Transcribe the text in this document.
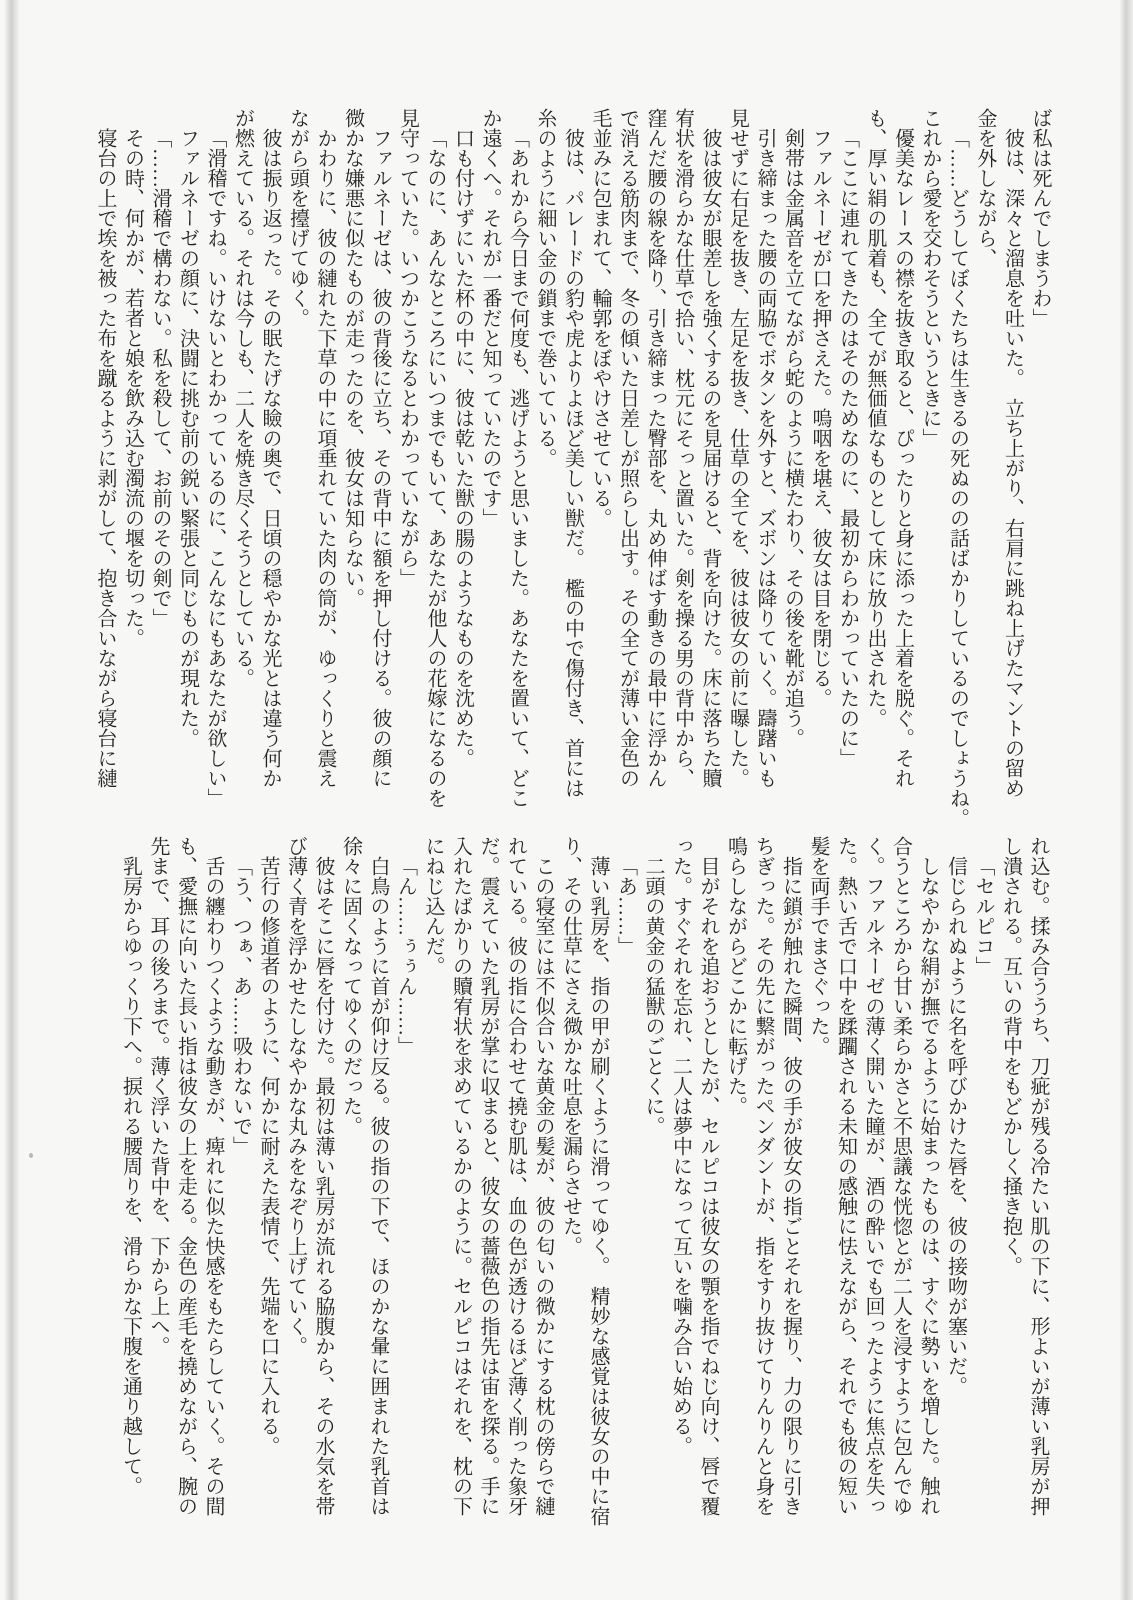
ば私は死んでしまうわ」

彼は、深々と溜息を吐いた。　立ち上がり、右肩に跳ね上げたマントの留め

金を外しながら、

「……どうしてぼくたちは生きるの死ぬのの話ばかりしているのでしょうね。

これから愛を交わそうというときに」

優美なレースの襟を抜き取ると、ぴったりと身に添った上着を脱ぐ。それ

も、厚い絹の肌着も、全てが無価値なものとして床に放り出された。

「ここに連れてきたのはそのためなのに、最初からわかっていたのに」

ファルネーゼが口を押さえた。嗚咽を堪え、彼女は目を閉じる。

剣帯は金属音を立てながら蛇のように横たわり、その後を靴が追う。

引き締まった腰の両脇でボタンを外すと、ズボンは降りていく。躊躇いも

見せずに右足を抜き、左足を抜き、仕草の全てを、彼は彼女の前に曝した。

彼は彼女が眼差しを強くするのを見届けると、背を向けた。床に落ちた贖

宥状を滑らかな仕草で拾い、枕元にそっと置いた。剣を操る男の背中から、

窪んだ腰の線を降り、引き締まった臀部を、丸め伸ばす動きの最中に浮かん

で消える筋肉まで、冬の傾いた日差しが照らし出す。その全てが薄い金色の

毛並みに包まれて、輪郭をぼやけさせている。

彼は、パレードの豹や虎よりよほど美しい獣だ。　檻の中で傷付き、首には

糸のように細い金の鎖まで巻いている。

「あれから今日まで何度も、逃げようと思いました。あなたを置いて、どこ

か遠くへ。それが一番だと知っていたのです」

口も付けずにいた杯の中に、彼は乾いた獣の腸のようなものを沈めた。

「なのに、あんなところにいつまでもいて、あなたが他人の花嫁になるのを

見守っていた。いつかこうなるとわかっていながら」

ファルネーゼは、彼の背後に立ち、その背中に額を押し付ける。彼の顔に

微かな嫌悪に似たものが走ったのを、彼女は知らない。

かわりに、彼の縺れた下草の中に項垂れていた肉の筒が、ゆっくりと震え

ながら頭を擡げてゆく。

彼は振り返った。その眠たげな瞼の奥で、日頃の穏やかな光とは違う何か

が燃えている。それは今しも、二人を焼き尽くそうとしている。

「滑稽ですね。いけないとわかっているのに、こんなにもあなたが欲しい」

ファルネーゼの顔に、決闘に挑む前の鋭い緊張と同じものが現れた。

「……滑稽で構わない。私を殺して、お前のその剣で」

その時、何かが、若者と娘を飲み込む濁流の堰を切った。

寝台の上で埃を被った布を蹴るように剥がして、抱き合いながら寝台に縺

れ込む。揉み合ううち、刀疵が残る冷たい肌の下に、形よいが薄い乳房が押

し潰される。互いの背中をもどかしく掻き抱く。

「セルピコ」

信じられぬように名を呼びかけた唇を、彼の接吻が塞いだ。

しなやかな絹が撫でるように始まったものは、すぐに勢いを増した。触れ

合うところから甘い柔らかさと不思議な恍惚とが二人を浸すように包んでゆ

く。ファルネーゼの薄く開いた瞳が、酒の酔いでも回ったように焦点を失っ

た。熱い舌で口中を蹂躙される未知の感触に怯えながら、それでも彼の短い

髪を両手でまさぐった。

指に鎖が触れた瞬間、彼の手が彼女の指ごとそれを握り、力の限りに引き

ちぎった。その先に繋がったペンダントが、指をすり抜けてりんりんと身を

鳴らしながらどこかに転げた。

目がそれを追おうとしたが、セルピコは彼女の顎を指でねじ向け、唇で覆

った。すぐそれを忘れ、二人は夢中になって互いを噛み合い始める。

二頭の黄金の猛獣のごとくに。

「あ……」

薄い乳房を、指の甲が刷くように滑ってゆく。　精妙な感覚は彼女の中に宿

り、その仕草にさえ微かな吐息を漏らさせた。

この寝室には不似合いな黄金の髪が、彼の匂いの微かにする枕の傍らで縺

れている。彼の指に合わせて撓む肌は、血の色が透けるほど薄く削った象牙

だ。震えていた乳房が掌に収まると、彼女の薔薇色の指先は宙を探る。手に

入れたばかりの贖宥状を求めているかのように。セルピコはそれを、枕の下

にねじ込んだ。

「ん……ぅぅん……」

白鳥のように首が仰け反る。彼の指の下で、ほのかな暈に囲まれた乳首は

徐々に固くなってゆくのだった。

彼はそこに唇を付けた。最初は薄い乳房が流れる脇腹から、その水気を帯

び薄く青を浮かせたしなやかな丸みをなぞり上げていく。

苦行の修道者のように、何かに耐えた表情で、先端を口に入れる。

「う、つぁ、あ……吸わないで」

舌の纏わりつくような動きが、痺れに似た快感をもたらしていく。その間

も、愛撫に向いた長い指は彼女の上を走る。金色の産毛を撓めながら、腕の

先まで、耳の後ろまで。薄く浮いた背中を、下から上へ。

乳房からゆっくり下へ。捩れる腰周りを、滑らかな下腹を通り越して。
